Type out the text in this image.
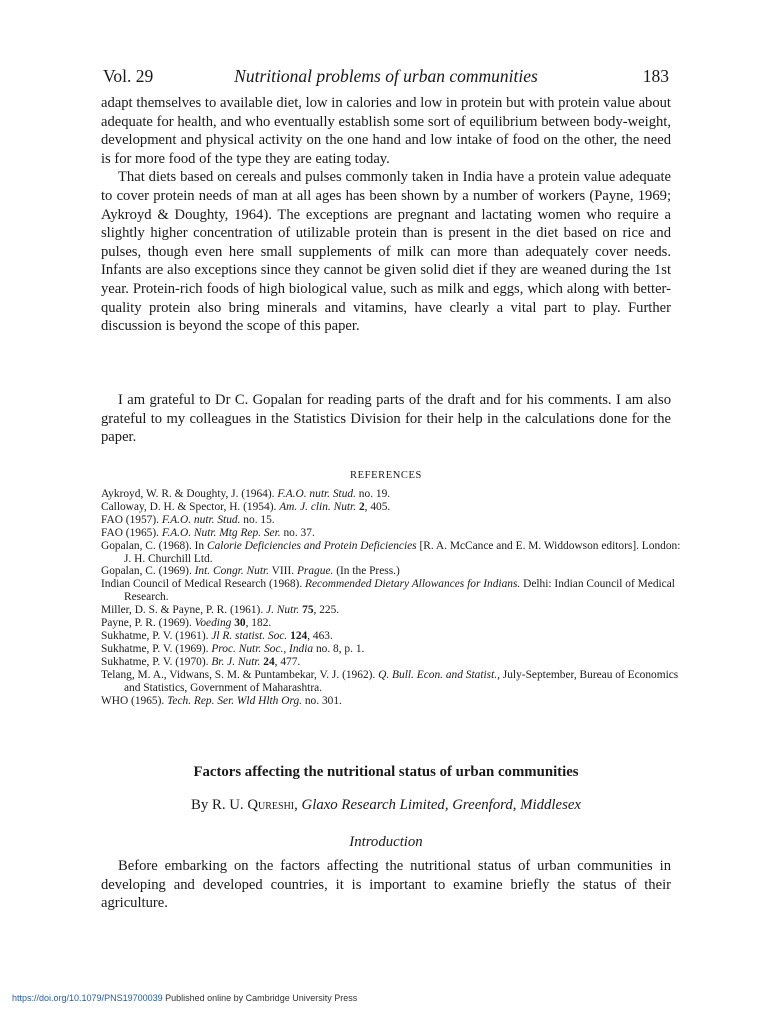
Vol. 29	Nutritional problems of urban communities	183

adapt themselves to available diet, low in calories and low in protein but with protein value about adequate for health, and who eventually establish some sort of equilibrium between body-weight, development and physical activity on the one hand and low intake of food on the other, the need is for more food of the type they are eating today.

That diets based on cereals and pulses commonly taken in India have a protein value adequate to cover protein needs of man at all ages has been shown by a number of workers (Payne, 1969; Aykroyd & Doughty, 1964). The exceptions are pregnant and lactating women who require a slightly higher concentration of utilizable protein than is present in the diet based on rice and pulses, though even here small supplements of milk can more than adequately cover needs. Infants are also exceptions since they cannot be given solid diet if they are weaned during the 1st year. Protein-rich foods of high biological value, such as milk and eggs, which along with better-quality protein also bring minerals and vitamins, have clearly a vital part to play. Further discussion is beyond the scope of this paper.

I am grateful to Dr C. Gopalan for reading parts of the draft and for his comments. I am also grateful to my colleagues in the Statistics Division for their help in the calculations done for the paper.

REFERENCES
Aykroyd, W. R. & Doughty, J. (1964). F.A.O. nutr. Stud. no. 19.
Calloway, D. H. & Spector, H. (1954). Am. J. clin. Nutr. 2, 405.
FAO (1957). F.A.O. nutr. Stud. no. 15.
FAO (1965). F.A.O. Nutr. Mtg Rep. Ser. no. 37.
Gopalan, C. (1968). In Calorie Deficiencies and Protein Deficiencies [R. A. McCance and E. M. Widdowson editors]. London: J. H. Churchill Ltd.
Gopalan, C. (1969). Int. Congr. Nutr. VIII. Prague. (In the Press.)
Indian Council of Medical Research (1968). Recommended Dietary Allowances for Indians. Delhi: Indian Council of Medical Research.
Miller, D. S. & Payne, P. R. (1961). J. Nutr. 75, 225.
Payne, P. R. (1969). Voeding 30, 182.
Sukhatme, P. V. (1961). Jl R. statist. Soc. 124, 463.
Sukhatme, P. V. (1969). Proc. Nutr. Soc., India no. 8, p. 1.
Sukhatme, P. V. (1970). Br. J. Nutr. 24, 477.
Telang, M. A., Vidwans, S. M. & Puntambekar, V. J. (1962). Q. Bull. Econ. and Statist., July-September, Bureau of Economics and Statistics, Government of Maharashtra.
WHO (1965). Tech. Rep. Ser. Wld Hlth Org. no. 301.
Factors affecting the nutritional status of urban communities
By R. U. Qureshi, Glaxo Research Limited, Greenford, Middlesex
Introduction

Before embarking on the factors affecting the nutritional status of urban communities in developing and developed countries, it is important to examine briefly the status of their agriculture.

https://doi.org/10.1079/PNS19700039 Published online by Cambridge University Press
